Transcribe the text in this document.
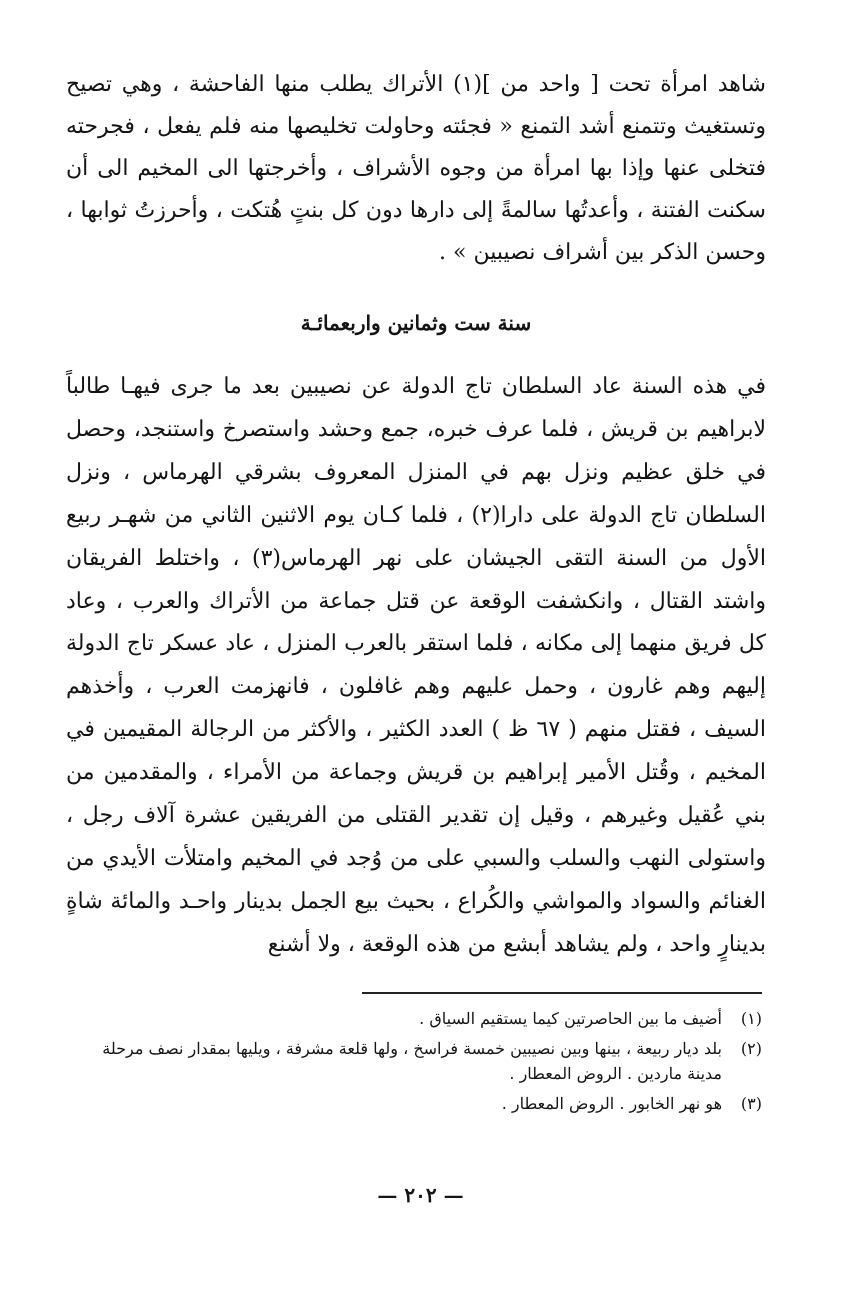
شاهد امرأة تحت [ واحد من ](١) الأتراك يطلب منها الفاحشة ، وهي تصيح وتستغيث وتتمنع أشد التمنع « فجئته وحاولت تخليصها منه فلم يفعل ، فجرحته فتخلى عنها وإذا بها امرأة من وجوه الأشراف ، وأخرجتها الى المخيم الى أن سكنت الفتنة ، وأعدتُها سالمةً إلى دارها دون كل بنتٍ هُتكت ، وأحرزتُ ثوابها ، وحسن الذكر بين أشراف نصيبين » .

سنة ست وثمانين واربعمائـة

في هذه السنة عاد السلطان تاج الدولة عن نصيبين بعد ما جرى فيهـا طالباً لابراهيم بن قريش ، فلما عرف خبره، جمع وحشد واستصرخ واستنجد، وحصل في خلق عظيم ونزل بهم في المنزل المعروف بشرقي الهرماس ، ونزل السلطان تاج الدولة على دارا(٢) ، فلما كـان يوم الاثنين الثاني من شهـر ربيع الأول من السنة التقى الجيشان على نهر الهرماس(٣) ، واختلط الفريقان واشتد القتال ، وانكشفت الوقعة عن قتل جماعة من الأتراك والعرب ، وعاد كل فريق منهما إلى مكانه ، فلما استقر بالعرب المنزل ، عاد عسكر تاج الدولة إليهم وهم غارون ، وحمل عليهم وهم غافلون ، فانهزمت العرب ، وأخذهم السيف ، فقتل منهم ( ٦٧ ظ ) العدد الكثير ، والأكثر من الرجالة المقيمين في المخيم ، وقُتل الأمير إبراهيم بن قريش وجماعة من الأمراء ، والمقدمين من بني عُقيل وغيرهم ، وقيل إن تقدير القتلى من الفريقين عشرة آلاف رجل ، واستولى النهب والسلب والسبي على من وُجد في المخيم وامتلأت الأيدي من الغنائم والسواد والمواشي والكُراع ، بحيث بيع الجمل بدينار واحـد والمائة شاةٍ بدينارٍ واحد ، ولم يشاهد أبشع من هذه الوقعة ، ولا أشنع

(١)
أضيف ما بين الحاصرتين كيما يستقيم السياق .
(٢)
بلد ديار ربيعة ، بينها وبين نصيبين خمسة فراسخ ، ولها قلعة مشرفة ، ويليها بمقدار نصف مرحلة مدينة ماردين . الروض المعطار .
(٣)
هو نهر الخابور . الروض المعطار .
— ٢٠٢ —
